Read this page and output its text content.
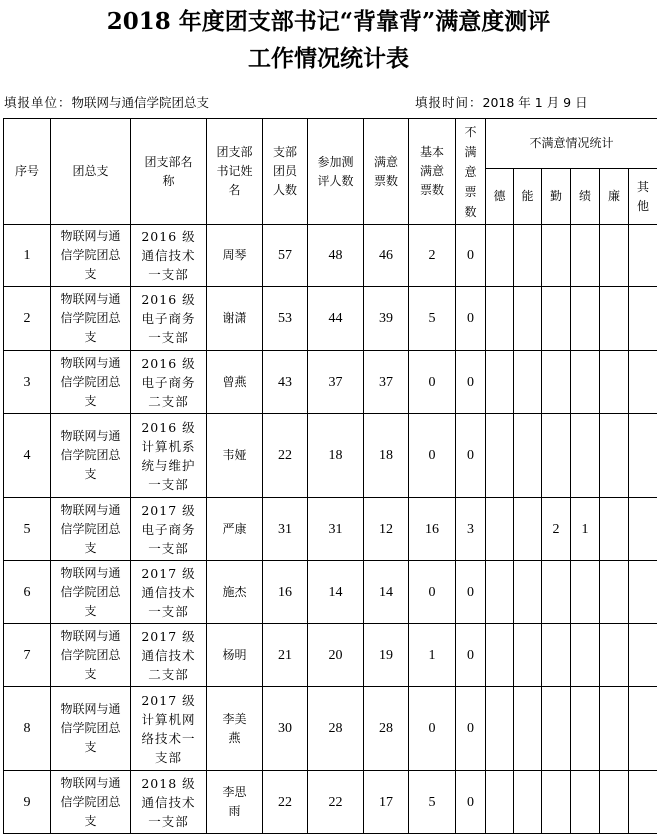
2018 年度团支部书记“背靠背”满意度测评
工作情况统计表
填报单位：物联网与通信学院团总支	填报时间：2018 年 1 月 9 日
序号	团总支	团支部名称	团支部书记姓名	支部团员人数	参加测评人数	满意票数	基本满意票数	不满意票数	不满意情况统计					
									德	能	勤	绩	廉	其他

1	物联网与通信学院团总支	2016 级通信技术一支部	周琴	57	48	46	2	0						
2	物联网与通信学院团总支	2016 级电子商务一支部	谢潇	53	44	39	5	0						
3	物联网与通信学院团总支	2016 级电子商务二支部	曾燕	43	37	37	0	0						
4	物联网与通信学院团总支	2016 级计算机系统与维护一支部	韦娅	22	18	18	0	0						
5	物联网与通信学院团总支	2017 级电子商务一支部	严康	31	31	12	16	3			2	1		
6	物联网与通信学院团总支	2017 级通信技术一支部	施杰	16	14	14	0	0						
7	物联网与通信学院团总支	2017 级通信技术二支部	杨明	21	20	19	1	0						
8	物联网与通信学院团总支	2017 级计算机网络技术一支部	李美燕	30	28	28	0	0						
9	物联网与通信学院团总支	2018 级通信技术一支部	李思雨	22	22	17	5	0						
